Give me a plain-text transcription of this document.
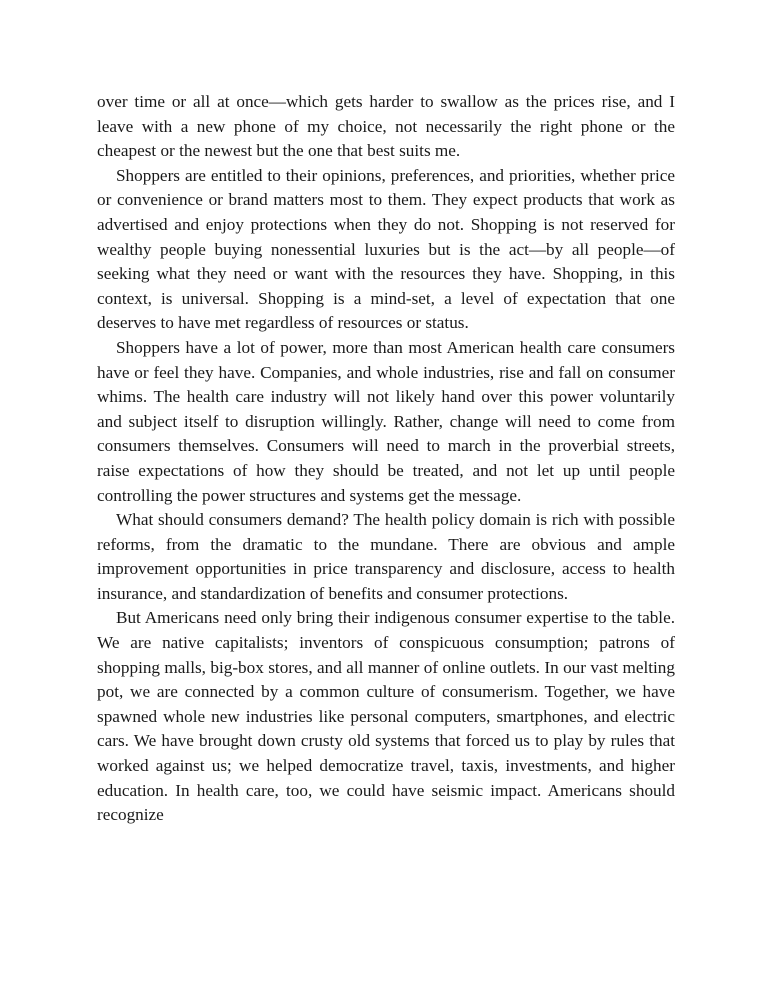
over time or all at once—which gets harder to swallow as the prices rise, and I leave with a new phone of my choice, not necessarily the right phone or the cheapest or the newest but the one that best suits me.

Shoppers are entitled to their opinions, preferences, and priorities, whether price or convenience or brand matters most to them. They expect products that work as advertised and enjoy protections when they do not. Shopping is not reserved for wealthy people buying nonessential luxuries but is the act—by all people—of seeking what they need or want with the resources they have. Shopping, in this context, is universal. Shopping is a mind-set, a level of expectation that one deserves to have met regardless of resources or status.

Shoppers have a lot of power, more than most American health care consumers have or feel they have. Companies, and whole industries, rise and fall on consumer whims. The health care industry will not likely hand over this power voluntarily and subject itself to disruption willingly. Rather, change will need to come from consumers themselves. Consumers will need to march in the proverbial streets, raise expectations of how they should be treated, and not let up until people controlling the power structures and systems get the message.

What should consumers demand? The health policy domain is rich with possible reforms, from the dramatic to the mundane. There are obvious and ample improvement opportunities in price transparency and disclosure, access to health insurance, and standardization of benefits and consumer protections.

But Americans need only bring their indigenous consumer expertise to the table. We are native capitalists; inventors of conspicuous consumption; patrons of shopping malls, big-box stores, and all manner of online outlets. In our vast melting pot, we are connected by a common culture of consumerism. Together, we have spawned whole new industries like personal computers, smartphones, and electric cars. We have brought down crusty old systems that forced us to play by rules that worked against us; we helped democratize travel, taxis, investments, and higher education. In health care, too, we could have seismic impact. Americans should recognize
